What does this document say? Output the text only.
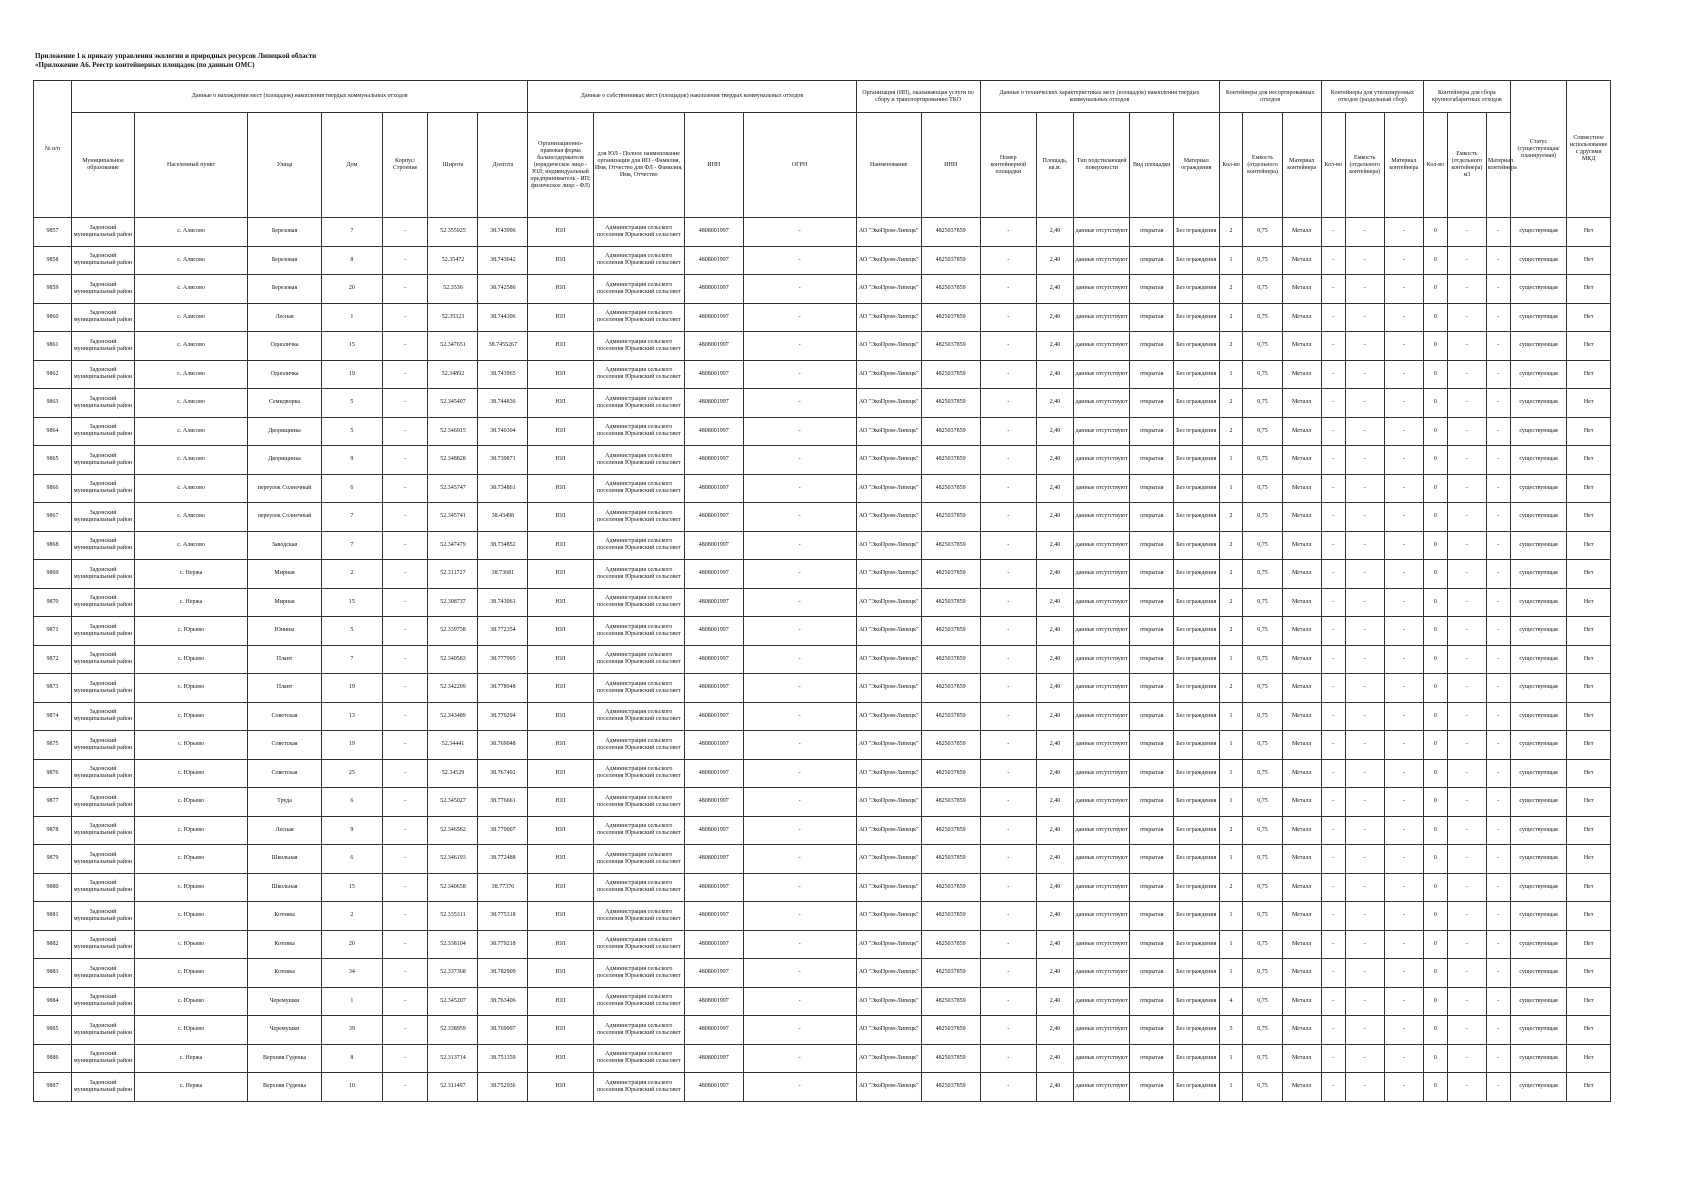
Приложение 1 к приказу управления экологии и природных ресурсов Липецкой области
«Приложение А6. Реестр контейнерных площадок (по данным ОМС)
№ п/п	Данные о нахождении мест (площадок) накопления твердых коммунальных отходов							Данные о собственниках мест (площадок) накопления твердых коммунальных отходов				Организация (ИП), оказывающая услуги по сбору и транспортированию ТКО		Данные о технических характеристиках мест (площадок) накопления твердых коммунальных отходов					Контейнеры для несортированных отходов			Контейнеры для утилизируемых отходов (раздельный сбор)			Контейнеры для сбора крупногабаритных отходов			Статус (существующая/планируемая)	Совместное использование с другими МКД
	Муниципальное образование	Населенный пункт	Улица	Дом	Корпус/Строение	Широта	Долгота	Организационно-правовая форма балансодержателя (юридическое лицо - ЮЛ; индивидуальный предприниматель - ИП; физическое лицо - ФЛ)	для ЮЛ - Полное наименование организации для ИП - Фамилия, Имя, Отчество для ФЛ - Фамилия, Имя, Отчество	ИНН	ОГРН	Наименование	ИНН	Номер контейнерной площадки	Площадь, кв.м.	Тип подстилающей поверхности	Вид площадки	Материал ограждения	Кол-во	Емкость (отдельного контейнера)	Материал контейнера	Кол-во	Емкость (отдельного контейнера)	Материал контейнера	Кол-во	Емкость (отдельного контейнера) м3	Материал контейнера		
9857	Задонский муниципальный район	с. Алисово	Березовая	7	-	52.355925	38.743996	ЮЛ	Администрация сельского поселения Юрьевский сельсовет	4808001997	-	АО "ЭкоПром-Липецк"	4825037859	-	2,40	данные отсутствуют	открытая	Без ограждения	2	0,75	Металл	-	-	-	0	-	-	существующая	Нет
9858	Задонский муниципальный район	с. Алисово	Березовая	8	-	52.35472	38.743642	ЮЛ	Администрация сельского поселения Юрьевский сельсовет	4808001997	-	АО "ЭкоПром-Липецк"	4825037859	-	2,40	данные отсутствуют	открытая	Без ограждения	1	0,75	Металл	-	-	-	0	-	-	существующая	Нет
9859	Задонский муниципальный район	с. Алисово	Березовая	20	-	52.3536	38.742586	ЮЛ	Администрация сельского поселения Юрьевский сельсовет	4808001997	-	АО "ЭкоПром-Липецк"	4825037859	-	2,40	данные отсутствуют	открытая	Без ограждения	2	0,75	Металл	-	-	-	0	-	-	существующая	Нет
9860	Задонский муниципальный район	с. Алисово	Лесная	1	-	52.35323	38.744306	ЮЛ	Администрация сельского поселения Юрьевский сельсовет	4808001997	-	АО "ЭкоПром-Липецк"	4825037859	-	2,40	данные отсутствуют	открытая	Без ограждения	2	0,75	Металл	-	-	-	0	-	-	существующая	Нет
9861	Задонский муниципальный район	с. Алисово	Одноличка	15	-	52.347651	38.7455267	ЮЛ	Администрация сельского поселения Юрьевский сельсовет	4808001997	-	АО "ЭкоПром-Липецк"	4825037859	-	2,40	данные отсутствуют	открытая	Без ограждения	2	0,75	Металл	-	-	-	0	-	-	существующая	Нет
9862	Задонский муниципальный район	с. Алисово	Одноличка	19	-	52.34892	38.743965	ЮЛ	Администрация сельского поселения Юрьевский сельсовет	4808001997	-	АО "ЭкоПром-Липецк"	4825037859	-	2,40	данные отсутствуют	открытая	Без ограждения	1	0,75	Металл	-	-	-	0	-	-	существующая	Нет
9863	Задонский муниципальный район	с. Алисово	Семидворка	5	-	52.345407	38.744836	ЮЛ	Администрация сельского поселения Юрьевский сельсовет	4808001997	-	АО "ЭкоПром-Липецк"	4825037859	-	2,40	данные отсутствуют	открытая	Без ограждения	2	0,75	Металл	-	-	-	0	-	-	существующая	Нет
9864	Задонский муниципальный район	с. Алисово	Дворищинка	5	-	52.346915	38.740304	ЮЛ	Администрация сельского поселения Юрьевский сельсовет	4808001997	-	АО "ЭкоПром-Липецк"	4825037859	-	2,40	данные отсутствуют	открытая	Без ограждения	2	0,75	Металл	-	-	-	0	-	-	существующая	Нет
9865	Задонский муниципальный район	с. Алисово	Дворищинка	9	-	52.348828	38.739871	ЮЛ	Администрация сельского поселения Юрьевский сельсовет	4808001997	-	АО "ЭкоПром-Липецк"	4825037859	-	2,40	данные отсутствуют	открытая	Без ограждения	1	0,75	Металл	-	-	-	0	-	-	существующая	Нет
9866	Задонский муниципальный район	с. Алисово	переулок Солнечный	6	-	52.345747	38.734861	ЮЛ	Администрация сельского поселения Юрьевский сельсовет	4808001997	-	АО "ЭкоПром-Липецк"	4825037859	-	2,40	данные отсутствуют	открытая	Без ограждения	1	0,75	Металл	-	-	-	0	-	-	существующая	Нет
9867	Задонский муниципальный район	с. Алисово	переулок Солнечный	7	-	52.345741	38.43498	ЮЛ	Администрация сельского поселения Юрьевский сельсовет	4808001997	-	АО "ЭкоПром-Липецк"	4825037859	-	2,40	данные отсутствуют	открытая	Без ограждения	2	0,75	Металл	-	-	-	0	-	-	существующая	Нет
9868	Задонский муниципальный район	с. Алисово	Заводская	7	-	52.347479	38.734852	ЮЛ	Администрация сельского поселения Юрьевский сельсовет	4808001997	-	АО "ЭкоПром-Липецк"	4825037859	-	2,40	данные отсутствуют	открытая	Без ограждения	2	0,75	Металл	-	-	-	0	-	-	существующая	Нет
9869	Задонский муниципальный район	с. Нержа	Мирная	2	-	52.311727	38.73681	ЮЛ	Администрация сельского поселения Юрьевский сельсовет	4808001997	-	АО "ЭкоПром-Липецк"	4825037859	-	2,40	данные отсутствуют	открытая	Без ограждения	2	0,75	Металл	-	-	-	0	-	-	существующая	Нет
9870	Задонский муниципальный район	с. Нержа	Мирная	15	-	52.308737	38.743061	ЮЛ	Администрация сельского поселения Юрьевский сельсовет	4808001997	-	АО "ЭкоПром-Липецк"	4825037859	-	2,40	данные отсутствуют	открытая	Без ограждения	2	0,75	Металл	-	-	-	0	-	-	существующая	Нет
9871	Задонский муниципальный район	с. Юрьево	Юнины	5	-	52.339758	38.772354	ЮЛ	Администрация сельского поселения Юрьевский сельсовет	4808001997	-	АО "ЭкоПром-Липецк"	4825037859	-	2,40	данные отсутствуют	открытая	Без ограждения	2	0,75	Металл	-	-	-	0	-	-	существующая	Нет
9872	Задонский муниципальный район	с. Юрьево	Плант	7	-	52.340583	38.777995	ЮЛ	Администрация сельского поселения Юрьевский сельсовет	4808001997	-	АО "ЭкоПром-Липецк"	4825037859	-	2,40	данные отсутствуют	открытая	Без ограждения	1	0,75	Металл	-	-	-	0	-	-	существующая	Нет
9873	Задонский муниципальный район	с. Юрьево	Плант	19	-	52.342209	38.778948	ЮЛ	Администрация сельского поселения Юрьевский сельсовет	4808001997	-	АО "ЭкоПром-Липецк"	4825037859	-	2,40	данные отсутствуют	открытая	Без ограждения	2	0,75	Металл	-	-	-	0	-	-	существующая	Нет
9874	Задонский муниципальный район	с. Юрьево	Советская	13	-	52.343489	38.770294	ЮЛ	Администрация сельского поселения Юрьевский сельсовет	4808001997	-	АО "ЭкоПром-Липецк"	4825037859	-	2,40	данные отсутствуют	открытая	Без ограждения	1	0,75	Металл	-	-	-	0	-	-	существующая	Нет
9875	Задонский муниципальный район	с. Юрьево	Советская	19	-	52.34441	38.769048	ЮЛ	Администрация сельского поселения Юрьевский сельсовет	4808001997	-	АО "ЭкоПром-Липецк"	4825037859	-	2,40	данные отсутствуют	открытая	Без ограждения	1	0,75	Металл	-	-	-	0	-	-	существующая	Нет
9876	Задонский муниципальный район	с. Юрьево	Советская	25	-	52.34529	38.767492	ЮЛ	Администрация сельского поселения Юрьевский сельсовет	4808001997	-	АО "ЭкоПром-Липецк"	4825037859	-	2,40	данные отсутствуют	открытая	Без ограждения	1	0,75	Металл	-	-	-	0	-	-	существующая	Нет
9877	Задонский муниципальный район	с. Юрьево	Труда	6	-	52.345027	38.776661	ЮЛ	Администрация сельского поселения Юрьевский сельсовет	4808001997	-	АО "ЭкоПром-Липецк"	4825037859	-	2,40	данные отсутствуют	открытая	Без ограждения	1	0,75	Металл	-	-	-	0	-	-	существующая	Нет
9878	Задонский муниципальный район	с. Юрьево	Лесная	9	-	52.346562	38.770007	ЮЛ	Администрация сельского поселения Юрьевский сельсовет	4808001997	-	АО "ЭкоПром-Липецк"	4825037859	-	2,40	данные отсутствуют	открытая	Без ограждения	2	0,75	Металл	-	-	-	0	-	-	существующая	Нет
9879	Задонский муниципальный район	с. Юрьево	Школьная	6	-	52.346193	38.772488	ЮЛ	Администрация сельского поселения Юрьевский сельсовет	4808001997	-	АО "ЭкоПром-Липецк"	4825037859	-	2,40	данные отсутствуют	открытая	Без ограждения	1	0,75	Металл	-	-	-	0	-	-	существующая	Нет
9880	Задонский муниципальный район	с. Юрьево	Школьная	15	-	52.340658	38.77376	ЮЛ	Администрация сельского поселения Юрьевский сельсовет	4808001997	-	АО "ЭкоПром-Липецк"	4825037859	-	2,40	данные отсутствуют	открытая	Без ограждения	2	0,75	Металл	-	-	-	0	-	-	существующая	Нет
9881	Задонский муниципальный район	с. Юрьево	Котовка	2	-	52.335311	38.775318	ЮЛ	Администрация сельского поселения Юрьевский сельсовет	4808001997	-	АО "ЭкоПром-Липецк"	4825037859	-	2,40	данные отсутствуют	открытая	Без ограждения	1	0,75	Металл	-	-	-	0	-	-	существующая	Нет
9882	Задонский муниципальный район	с. Юрьево	Котовка	20	-	52.338104	38.779218	ЮЛ	Администрация сельского поселения Юрьевский сельсовет	4808001997	-	АО "ЭкоПром-Липецк"	4825037859	-	2,40	данные отсутствуют	открытая	Без ограждения	1	0,75	Металл	-	-	-	0	-	-	существующая	Нет
9883	Задонский муниципальный район	с. Юрьево	Котовка	34	-	52.337368	38.782909	ЮЛ	Администрация сельского поселения Юрьевский сельсовет	4808001997	-	АО "ЭкоПром-Липецк"	4825037859	-	2,40	данные отсутствуют	открытая	Без ограждения	1	0,75	Металл	-	-	-	0	-	-	существующая	Нет
9884	Задонский муниципальный район	с. Юрьево	Черемушки	1	-	52.345207	38.763406	ЮЛ	Администрация сельского поселения Юрьевский сельсовет	4808001997	-	АО "ЭкоПром-Липецк"	4825037859	-	2,40	данные отсутствуют	открытая	Без ограждения	4	0,75	Металл	-	-	-	0	-	-	существующая	Нет
9885	Задонский муниципальный район	с. Юрьево	Черемушки	39	-	52.338959	38.769997	ЮЛ	Администрация сельского поселения Юрьевский сельсовет	4808001997	-	АО "ЭкоПром-Липецк"	4825037859	-	2,40	данные отсутствуют	открытая	Без ограждения	5	0,75	Металл	-	-	-	0	-	-	существующая	Нет
9886	Задонский муниципальный район	с. Нержа	Верхняя Гуденка	8	-	52.313714	38.751359	ЮЛ	Администрация сельского поселения Юрьевский сельсовет	4808001997	-	АО "ЭкоПром-Липецк"	4825037859	-	2,40	данные отсутствуют	открытая	Без ограждения	1	0,75	Металл	-	-	-	0	-	-	существующая	Нет
9887	Задонский муниципальный район	с. Нержа	Верхняя Гуденка	10	-	52.311497	38.752936	ЮЛ	Администрация сельского поселения Юрьевский сельсовет	4808001997	-	АО "ЭкоПром-Липецк"	4825037859	-	2,40	данные отсутствуют	открытая	Без ограждения	1	0,75	Металл	-	-	-	0	-	-	существующая	Нет
